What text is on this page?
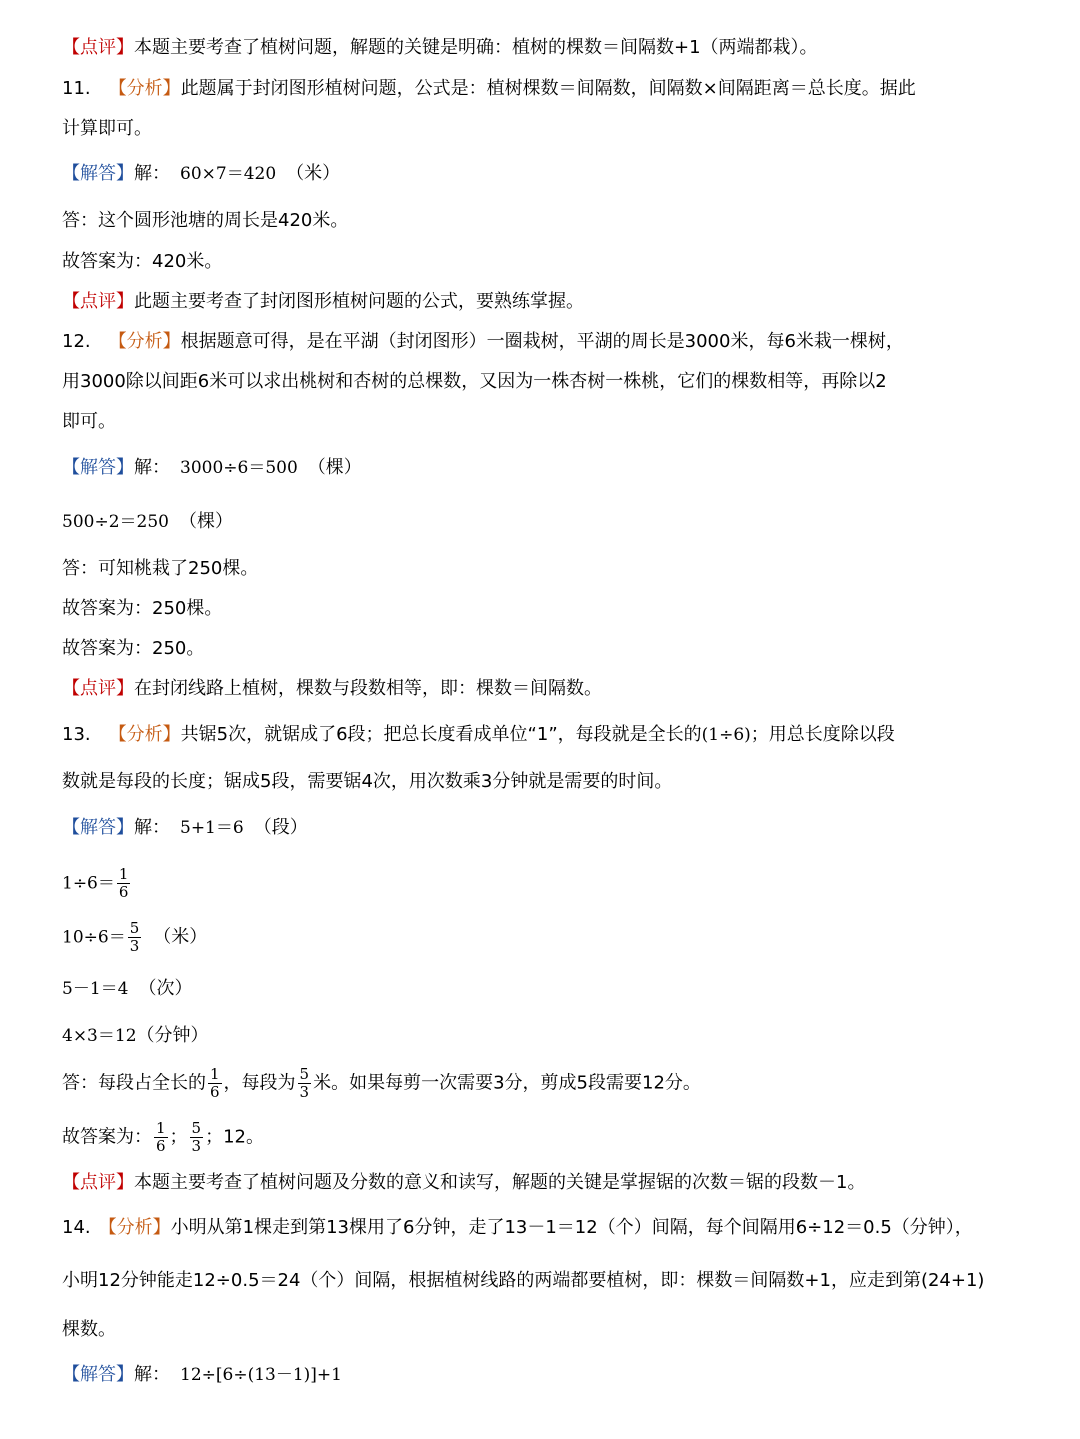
【点评】本题主要考查了植树问题，解题的关键是明确：植树的棵数＝间隔数+1（两端都栽）。
11. 【分析】此题属于封闭图形植树问题，公式是：植树棵数＝间隔数，间隔数×间隔距离＝总长度。据此
计算即可。
【解答】解： 60×7＝420 （米）
答：这个圆形池塘的周长是420米。
故答案为：420米。
【点评】此题主要考查了封闭图形植树问题的公式，要熟练掌握。
12. 【分析】根据题意可得，是在平湖（封闭图形）一圈栽树，平湖的周长是3000米，每6米栽一棵树，
用3000除以间距6米可以求出桃树和杏树的总棵数，又因为一株杏树一株桃，它们的棵数相等，再除以2
即可。
【解答】解： 3000÷6＝500 （棵）
500÷2＝250 （棵）
答：可知桃栽了250棵。
故答案为：250棵。
故答案为：250。
【点评】在封闭线路上植树，棵数与段数相等，即：棵数＝间隔数。
13. 【分析】共锯5次，就锯成了6段；把总长度看成单位“1”，每段就是全长的(1÷6)；用总长度除以段
数就是每段的长度；锯成5段，需要锯4次，用次数乘3分钟就是需要的时间。
【解答】解： 5+1＝6 （段）
$1\div 6= \frac{1}{6}$
$10\div 6= \frac{5}{3}$ （米）
5－1＝4 （次）
4×3＝12（分钟）
答：每段占全长的 $\frac{1}{6}$ ，每段为 $\frac{5}{3}$ 米。如果每剪一次需要3分，剪成5段需要12分。
故答案为： $\frac{1}{6}$ ； $\frac{5}{3}$ ；12。
【点评】本题主要考查了植树问题及分数的意义和读写，解题的关键是掌握锯的次数＝锯的段数－1。
14. 【分析】小明从第1棵走到第13棵用了6分钟，走了13－1＝12（个）间隔，每个间隔用6÷12＝0.5（分钟），
小明12分钟能走12÷0.5＝24（个）间隔，根据植树线路的两端都要植树，即：棵数＝间隔数+1，应走到第(24+1)
棵数。
【解答】解： 12÷[6÷(13－1)]+1
